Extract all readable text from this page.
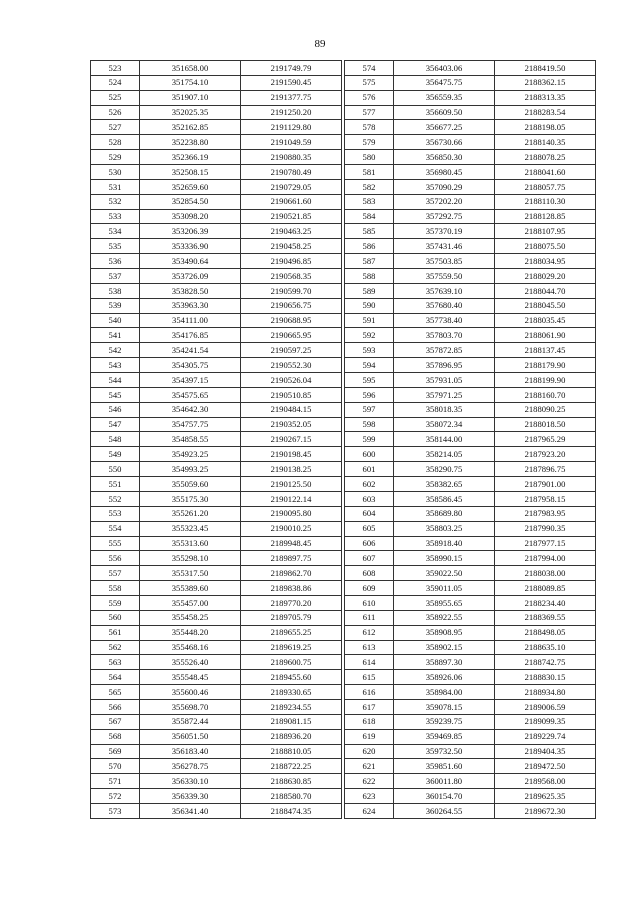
89
523	351658.00	2191749.79
524	351754.10	2191590.45
525	351907.10	2191377.75
526	352025.35	2191250.20
527	352162.85	2191129.80
528	352238.80	2191049.59
529	352366.19	2190880.35
530	352508.15	2190780.49
531	352659.60	2190729.05
532	352854.50	2190661.60
533	353098.20	2190521.85
534	353206.39	2190463.25
535	353336.90	2190458.25
536	353490.64	2190496.85
537	353726.09	2190568.35
538	353828.50	2190599.70
539	353963.30	2190656.75
540	354111.00	2190688.95
541	354176.85	2190665.95
542	354241.54	2190597.25
543	354305.75	2190552.30
544	354397.15	2190526.04
545	354575.65	2190510.85
546	354642.30	2190484.15
547	354757.75	2190352.05
548	354858.55	2190267.15
549	354923.25	2190198.45
550	354993.25	2190138.25
551	355059.60	2190125.50
552	355175.30	2190122.14
553	355261.20	2190095.80
554	355323.45	2190010.25
555	355313.60	2189948.45
556	355298.10	2189897.75
557	355317.50	2189862.70
558	355389.60	2189838.86
559	355457.00	2189770.20
560	355458.25	2189705.79
561	355448.20	2189655.25
562	355468.16	2189619.25
563	355526.40	2189600.75
564	355548.45	2189455.60
565	355600.46	2189330.65
566	355698.70	2189234.55
567	355872.44	2189081.15
568	356051.50	2188936.20
569	356183.40	2188810.05
570	356278.75	2188722.25
571	356330.10	2188630.85
572	356339.30	2188580.70
573	356341.40	2188474.35
574	356403.06	2188419.50
575	356475.75	2188362.15
576	356559.35	2188313.35
577	356609.50	2188283.54
578	356677.25	2188198.05
579	356730.66	2188140.35
580	356850.30	2188078.25
581	356980.45	2188041.60
582	357090.29	2188057.75
583	357202.20	2188110.30
584	357292.75	2188128.85
585	357370.19	2188107.95
586	357431.46	2188075.50
587	357503.85	2188034.95
588	357559.50	2188029.20
589	357639.10	2188044.70
590	357680.40	2188045.50
591	357738.40	2188035.45
592	357803.70	2188061.90
593	357872.85	2188137.45
594	357896.95	2188179.90
595	357931.05	2188199.90
596	357971.25	2188160.70
597	358018.35	2188090.25
598	358072.34	2188018.50
599	358144.00	2187965.29
600	358214.05	2187923.20
601	358290.75	2187896.75
602	358382.65	2187901.00
603	358586.45	2187958.15
604	358689.80	2187983.95
605	358803.25	2187990.35
606	358918.40	2187977.15
607	358990.15	2187994.00
608	359022.50	2188038.00
609	359011.05	2188089.85
610	358955.65	2188234.40
611	358922.55	2188369.55
612	358908.95	2188498.05
613	358902.15	2188635.10
614	358897.30	2188742.75
615	358926.06	2188830.15
616	358984.00	2188934.80
617	359078.15	2189006.59
618	359239.75	2189099.35
619	359469.85	2189229.74
620	359732.50	2189404.35
621	359851.60	2189472.50
622	360011.80	2189568.00
623	360154.70	2189625.35
624	360264.55	2189672.30
